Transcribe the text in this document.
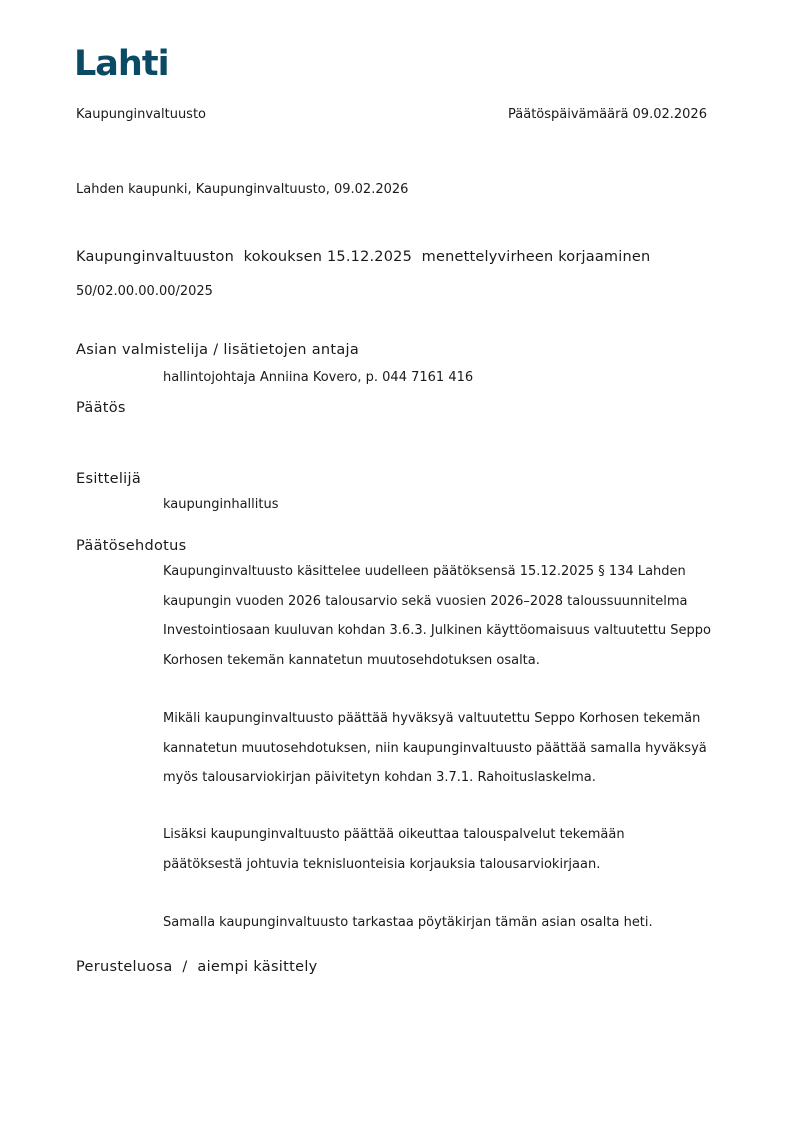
Lahti
Kaupunginvaltuusto	Päätöspäivämäärä 09.02.2026
Lahden kaupunki, Kaupunginvaltuusto, 09.02.2026
Kaupunginvaltuuston  kokouksen 15.12.2025  menettelyvirheen korjaaminen
50/02.00.00.00/2025
Asian valmistelija / lisätietojen antaja
hallintojohtaja Anniina Kovero, p. 044 7161 416
Päätös
Esittelijä
kaupunginhallitus
Päätösehdotus

Kaupunginvaltuusto käsittelee uudelleen päätöksensä 15.12.2025 § 134 Lahden

kaupungin vuoden 2026 talousarvio sekä vuosien 2026–2028 taloussuunnitelma

Investointiosaan kuuluvan kohdan 3.6.3. Julkinen käyttöomaisuus valtuutettu Seppo

Korhosen tekemän kannatetun muutosehdotuksen osalta.

Mikäli kaupunginvaltuusto päättää hyväksyä valtuutettu Seppo Korhosen tekemän

kannatetun muutosehdotuksen, niin kaupunginvaltuusto päättää samalla hyväksyä

myös talousarviokirjan päivitetyn kohdan 3.7.1. Rahoituslaskelma.

Lisäksi kaupunginvaltuusto päättää oikeuttaa talouspalvelut tekemään

päätöksestä johtuvia teknisluonteisia korjauksia talousarviokirjaan.

Samalla kaupunginvaltuusto tarkastaa pöytäkirjan tämän asian osalta heti.

Perusteluosa  /  aiempi käsittely
